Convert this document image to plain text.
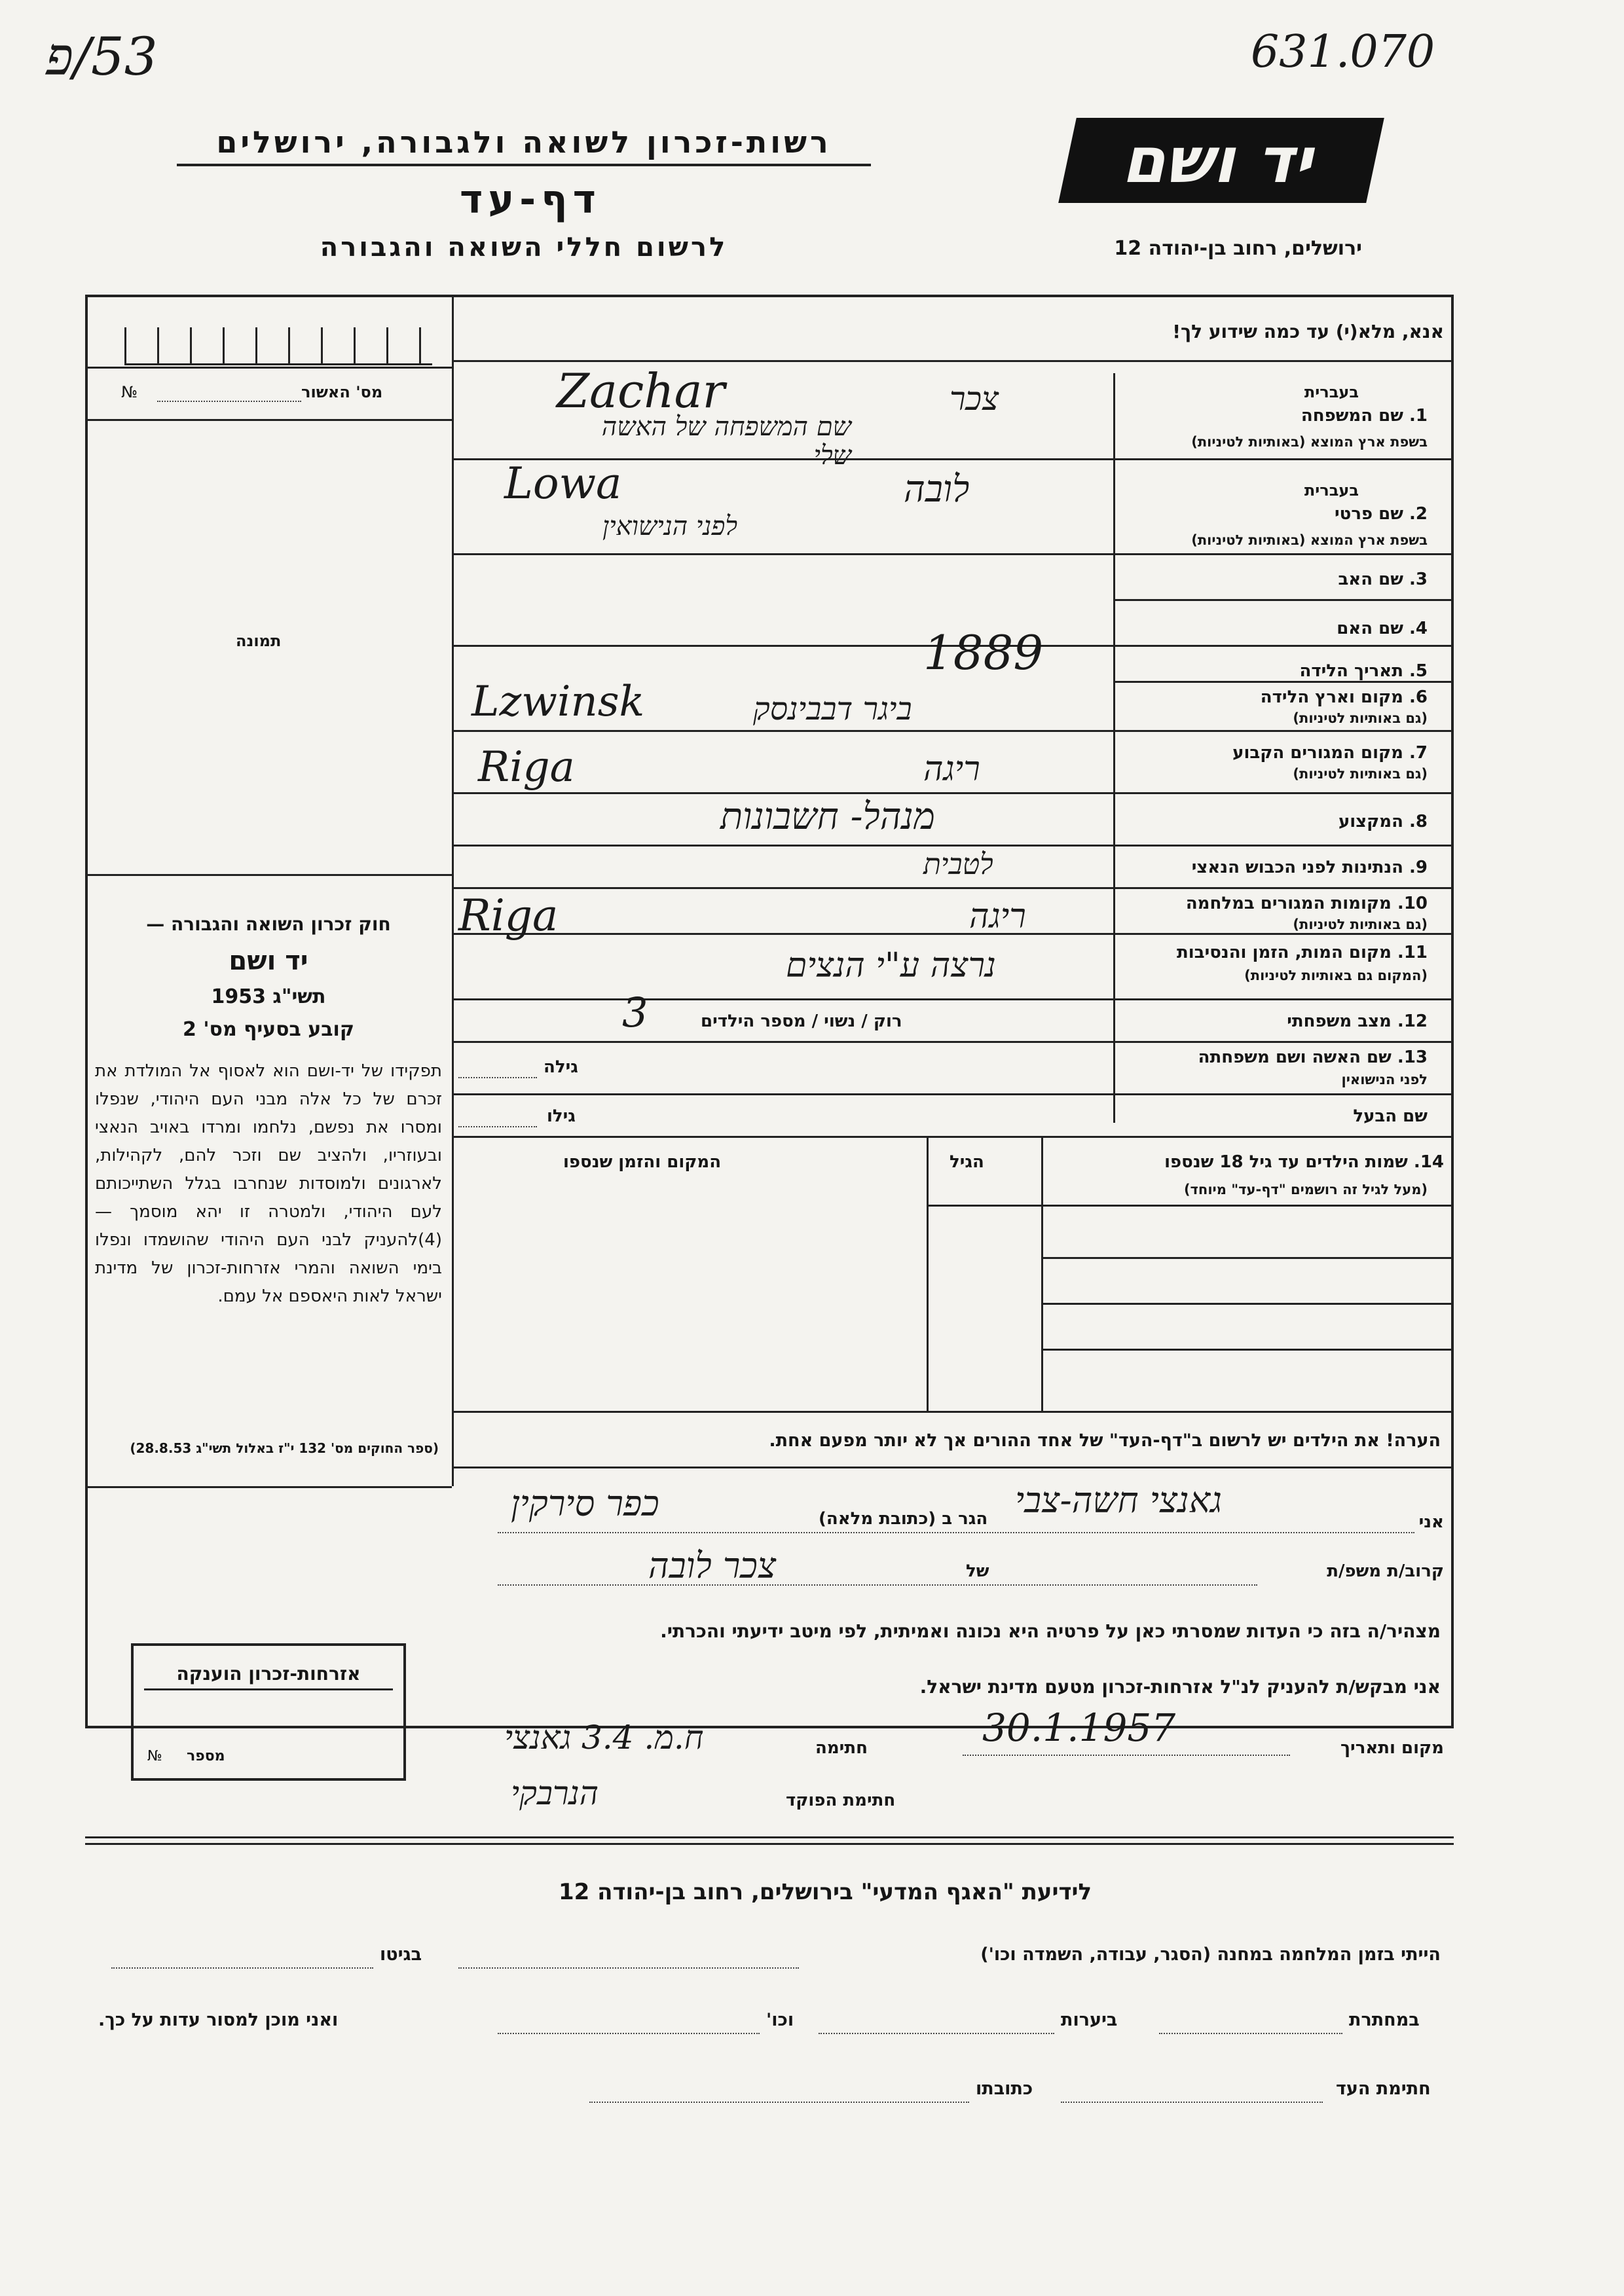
53/פ	631.070
רשות-זכרון לשואה ולגבורה, ירושלים
דף-עד
לרשום חללי השואה והגבורה
יד ושם
ירושלים, רחוב בן-יהודה 12
אנא, מלא(י) עד כמה שידוע לך!
מס' האשור
№
תמונה
חוק זכרון השואה והגבורה —
יד ושם
תשי"ג 1953
קובע בסעיף מס' 2
תפקידו של יד-ושם הוא לאסוף אל המולדת את זכרם של כל אלה מבני העם היהודי, שנפלו ומסרו את נפשם, נלחמו ומרדו באויב הנאצי ובעוזריו, ולהציב שם וזכר להם, לקהילות, לארגונים ולמוסדות שנחרבו בגלל השתייכותם לעם היהודי, ולמטרה זו יהא מוסמך — (4)להעניק לבני העם היהודי שהושמדו ונפלו בימי השואה והמרי אזרחות-זכרון של מדינת ישראל לאות היאספם אל עמם.
(ספר החוקים מס' 132 י"ז באלול תשי"ג 28.8.53)
1. שם המשפחה
בשפת ארץ המוצא (באותיות לטיניות)
בעברית
Zachar	צכר
שם המשפחה של האשה שלי
2. שם פרטי
בשפת ארץ המוצא (באותיות לטיניות)
בעברית
Lowa	לובה
לפני הנישואין
3. שם האב
4. שם האם
5. תאריך הלידה
1889
6. מקום וארץ הלידה
(גם באותיות לטיניות)
Lzwinsk	ביגר דבבינסק
7. מקום המגורים הקבוע
(גם באותיות לטיניות)
Riga	ריגה
8. המקצוע
מנהל- חשבונות
9. הנתינות לפני הכבוש הנאצי
לטבית
10. מקומות המגורים במלחמה
(גם באותיות לטיניות)
Riga	ריגה
11. מקום המות, הזמן והנסיבות
(המקום גם באותיות לטיניות)
נרצה ע"י הנצים
12. מצב משפחתי
רוק / נשוי / מספר הילדים
3
13. שם האשה ושם משפחתה
לפני הנישואין
גילה
שם הבעל
גילו
14. שמות הילדים עד גיל 18 שנספו
(מעל לגיל זה רושמים "דף-עד" מיוחד)
הגיל
המקום והזמן שנספו
הערה! את הילדים יש לרשום ב"דף-העד" של אחד ההורים אך לא יותר מפעם אחת.
אני
גאנצי חשה-צבי
הגר ב (כתובת מלאה)
כפר סירקין
קרוב/ת משפ/ת
של
צכר לובה
מצהיר/ה בזה כי העדות שמסרתי כאן על פרטיה היא נכונה ואמיתית, לפי מיטב ידיעתי והכרתי.
אני מבקש/ת להעניק לנ"ל אזרחות-זכרון מטעם מדינת ישראל.
מקום ותאריך
30.1.1957
חתימה
ח.מ. 3.4 גאנצי
חתימת הפוקד
הנרבקי
אזרחות-זכרון הוענקה
מספר
№
לידיעת "האגף המדעי" בירושלים, רחוב בן-יהודה 12
הייתי בזמן המלחמה במחנה (הסגר, עבודה, השמדה וכו')
בגיטו
במחתרת
ביערות
וכו'
ואני מוכן למסור עדות על כך.
חתימת העד
כתובתו
